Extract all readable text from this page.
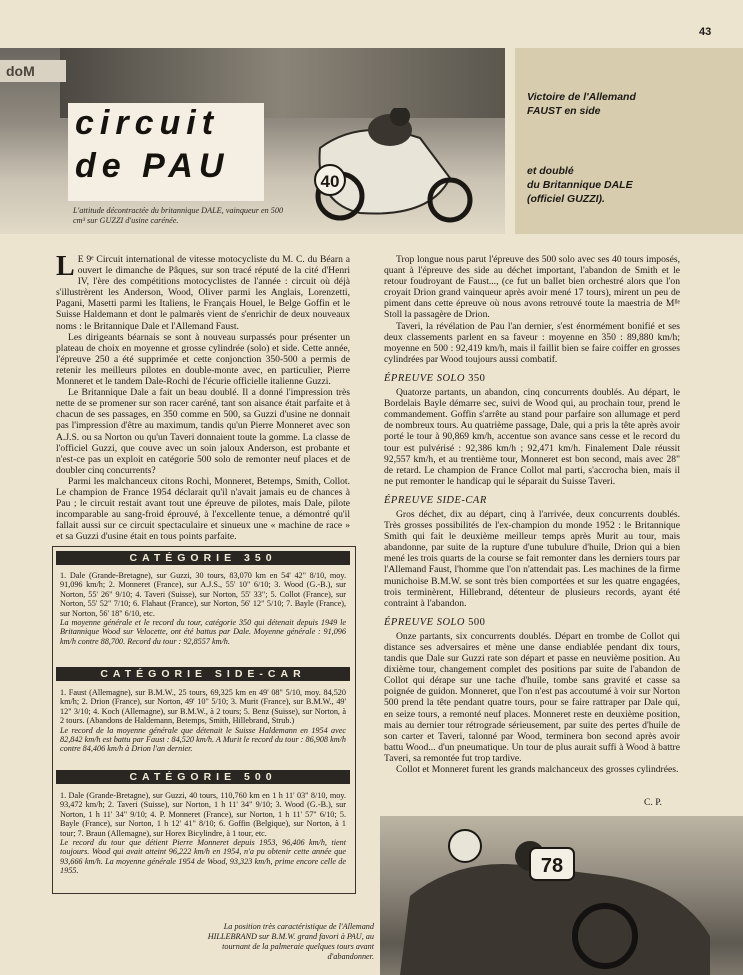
43
doM
40
circuit
de PAU
L'attitude décontractée du britannique DALE, vainqueur en 500 cm³ sur GUZZI d'usine carénée.
Victoire de l'Allemand
FAUST en side
et doublé
du Britannique DALE
(officiel GUZZI).

L E 9ᵉ Circuit international de vitesse motocycliste du M. C. du Béarn a ouvert le dimanche de Pâques, sur son tracé réputé de la cité d'Henri IV, l'ère des compétitions motocyclistes de l'année : circuit où déjà s'illustrèrent les Anderson, Wood, Oliver parmi les Anglais, Lorenzetti, Pagani, Masetti parmi les Italiens, le Français Houel, le Belge Goffin et le Suisse Haldemann et dont le palmarès vient de s'enrichir de deux nouveaux noms : le Britannique Dale et l'Allemand Faust.

Les dirigeants béarnais se sont à nouveau surpassés pour présenter un plateau de choix en moyenne et grosse cylindrée (solo) et side. Cette année, l'épreuve 250 a été supprimée et cette conjonction 350-500 a permis de retenir les meilleurs pilotes en double-monte avec, en particulier, Pierre Monneret et le tandem Dale-Rochi de l'écurie officielle italienne Guzzi.

Le Britannique Dale a fait un beau doublé. Il a donné l'impression très nette de se promener sur son racer caréné, tant son aisance était parfaite et à chacun de ses passages, en 350 comme en 500, sa Guzzi d'usine ne donnait pas l'impression d'être au maximum, tandis qu'un Pierre Monneret avec son A.J.S. ou sa Norton ou qu'un Taveri donnaient toute la gomme. La classe de l'officiel Guzzi, que couve avec un soin jaloux Anderson, est probante et n'est-ce pas un exploit en catégorie 500 solo de remonter neuf places et de doubler cinq concurrents?

Parmi les malchanceux citons Rochi, Monneret, Betemps, Smith, Collot. Le champion de France 1954 déclarait qu'il n'avait jamais eu de chances à Pau ; le circuit restait avant tout une épreuve de pilotes, mais Dale, pilote incomparable au sang-froid éprouvé, à l'excellente tenue, a démontré qu'il fallait aussi sur ce circuit spectaculaire et sinueux une « machine de race » et sa Guzzi d'usine était en tous points parfaite.

CATÉGORIE 350
1. Dale (Grande-Bretagne), sur Guzzi, 30 tours, 83,070 km en 54' 42" 8/10, moy. 91,096 km/h; 2. Monneret (France), sur A.J.S., 55' 10" 6/10; 3. Wood (G.-B.), sur Norton, 55' 26" 9/10; 4. Taveri (Suisse), sur Norton, 55' 33"; 5. Collot (France), sur Norton, 55' 52" 7/10; 6. Flahaut (France), sur Norton, 56' 12" 5/10; 7. Bayle (France), sur Norton, 56' 18" 6/10, etc.
La moyenne générale et le record du tour, catégorie 350 qui détenait depuis 1949 le Britannique Wood sur Velocette, ont été battus par Dale. Moyenne générale : 91,096 km/h contre 88,700. Record du tour : 92,8557 km/h.
CATÉGORIE SIDE-CAR
1. Faust (Allemagne), sur B.M.W., 25 tours, 69,325 km en 49' 08" 5/10, moy. 84,520 km/h; 2. Drion (France), sur Norton, 49' 10" 5/10; 3. Murit (France), sur B.M.W., 49' 12" 3/10; 4. Koch (Allemagne), sur B.M.W., à 2 tours; 5. Benz (Suisse), sur Norton, à 2 tours. (Abandons de Haldemann, Betemps, Smith, Hillebrand, Strub.)
Le record de la moyenne générale que détenait le Suisse Haldemann en 1954 avec 82,842 km/h est battu par Faust : 84,520 km/h. A Murit le record du tour : 86,908 km/h contre 84,406 km/h à Drion l'an dernier.
CATÉGORIE 500
1. Dale (Grande-Bretagne), sur Guzzi, 40 tours, 110,760 km en 1 h 11' 03" 8/10, moy. 93,472 km/h; 2. Taveri (Suisse), sur Norton, 1 h 11' 34" 9/10; 3. Wood (G.-B.), sur Norton, 1 h 11' 34" 9/10; 4. P. Monneret (France), sur Norton, 1 h 11' 57" 6/10; 5. Bayle (France), sur Norton, 1 h 12' 41" 8/10; 6. Goffin (Belgique), sur Norton, à 1 tour; 7. Braun (Allemagne), sur Horex Bicylindre, à 1 tour, etc.
Le record du tour que détient Pierre Monneret depuis 1953, 96,406 km/h, tient toujours. Wood qui avait atteint 96,222 km/h en 1954, n'a pu obtenir cette année que 93,666 km/h. La moyenne générale 1954 de Wood, 93,323 km/h, prime encore celle de 1955.

Trop longue nous parut l'épreuve des 500 solo avec ses 40 tours imposés, quant à l'épreuve des side au déchet important, l'abandon de Smith et le retour foudroyant de Faust..., (ce fut un ballet bien orchestré alors que l'on croyait Drion grand vainqueur après avoir mené 17 tours), mirent un peu de piment dans cette épreuve où nous avons retrouvé toute la maestria de Mˡˡᵉ Stoll la passagère de Drion.

Taveri, la révélation de Pau l'an dernier, s'est énormément bonifié et ses deux classements parlent en sa faveur : moyenne en 350 : 89,880 km/h; moyenne en 500 : 92,419 km/h, mais il faillit bien se faire coiffer en grosses cylindrées par Wood toujours aussi combatif.

ÉPREUVE SOLO 350

Quatorze partants, un abandon, cinq concurrents doublés. Au départ, le Bordelais Bayle démarre sec, suivi de Wood qui, au prochain tour, prend le commandement. Goffin s'arrête au stand pour parfaire son allumage et perd de nombreux tours. Au quatrième passage, Dale, qui a pris la tête après avoir porté le tour à 90,869 km/h, accentue son avance sans cesse et le record du tour est pulvérisé : 92,386 km/h ; 92,471 km/h. Finalement Dale réussit 92,557 km/h, et au trentième tour, Monneret est bon second, mais avec 28" de retard. Le champion de France Collot mal parti, s'accrocha bien, mais il ne put remonter le handicap qui le séparait du Suisse Taveri.

ÉPREUVE SIDE-CAR

Gros déchet, dix au départ, cinq à l'arrivée, deux concurrents doublés. Très grosses possibilités de l'ex-champion du monde 1952 : le Britannique Smith qui fait le deuxième meilleur temps après Murit au tour, mais abandonne, par suite de la rupture d'une tubulure d'huile, Drion qui a bien mené les trois quarts de la course se fait remonter dans les derniers tours par l'Allemand Faust, l'homme que l'on n'attendait pas. Les machines de la firme munichoise B.M.W. se sont très bien comportées et sur les quatre engagées, trois terminèrent, Hillebrand, détenteur de plusieurs records, ayant été contraint à l'abandon.

ÉPREUVE SOLO 500

Onze partants, six concurrents doublés. Départ en trombe de Collot qui distance ses adversaires et mène une danse endiablée pendant dix tours, tandis que Dale sur Guzzi rate son départ et passe en neuvième position. Au dixième tour, changement complet des positions par suite de l'abandon de Collot qui dérape sur une tache d'huile, tombe sans gravité et casse sa poignée de guidon. Monneret, que l'on n'est pas accoutumé à voir sur Norton 500 prend la tête pendant quatre tours, pour se faire rattraper par Dale qui, en seize tours, a remonté neuf places. Monneret reste en deuxième position, mais au dernier tour rétrograde sérieusement, par suite des pertes d'huile de son carter et Taveri, talonné par Wood, terminera bon second après avoir battu Wood... d'un pneumatique. Un tour de plus aurait suffi à Wood à battre Taveri, sa remontée fut trop tardive.

Collot et Monneret furent les grands malchanceux des grosses cylindrées.

C. P.
78
La position très caractéristique de l'Allemand HILLEBRAND sur B.M.W. grand favori à PAU, au tournant de la palmeraie quelques tours avant d'abandonner.
